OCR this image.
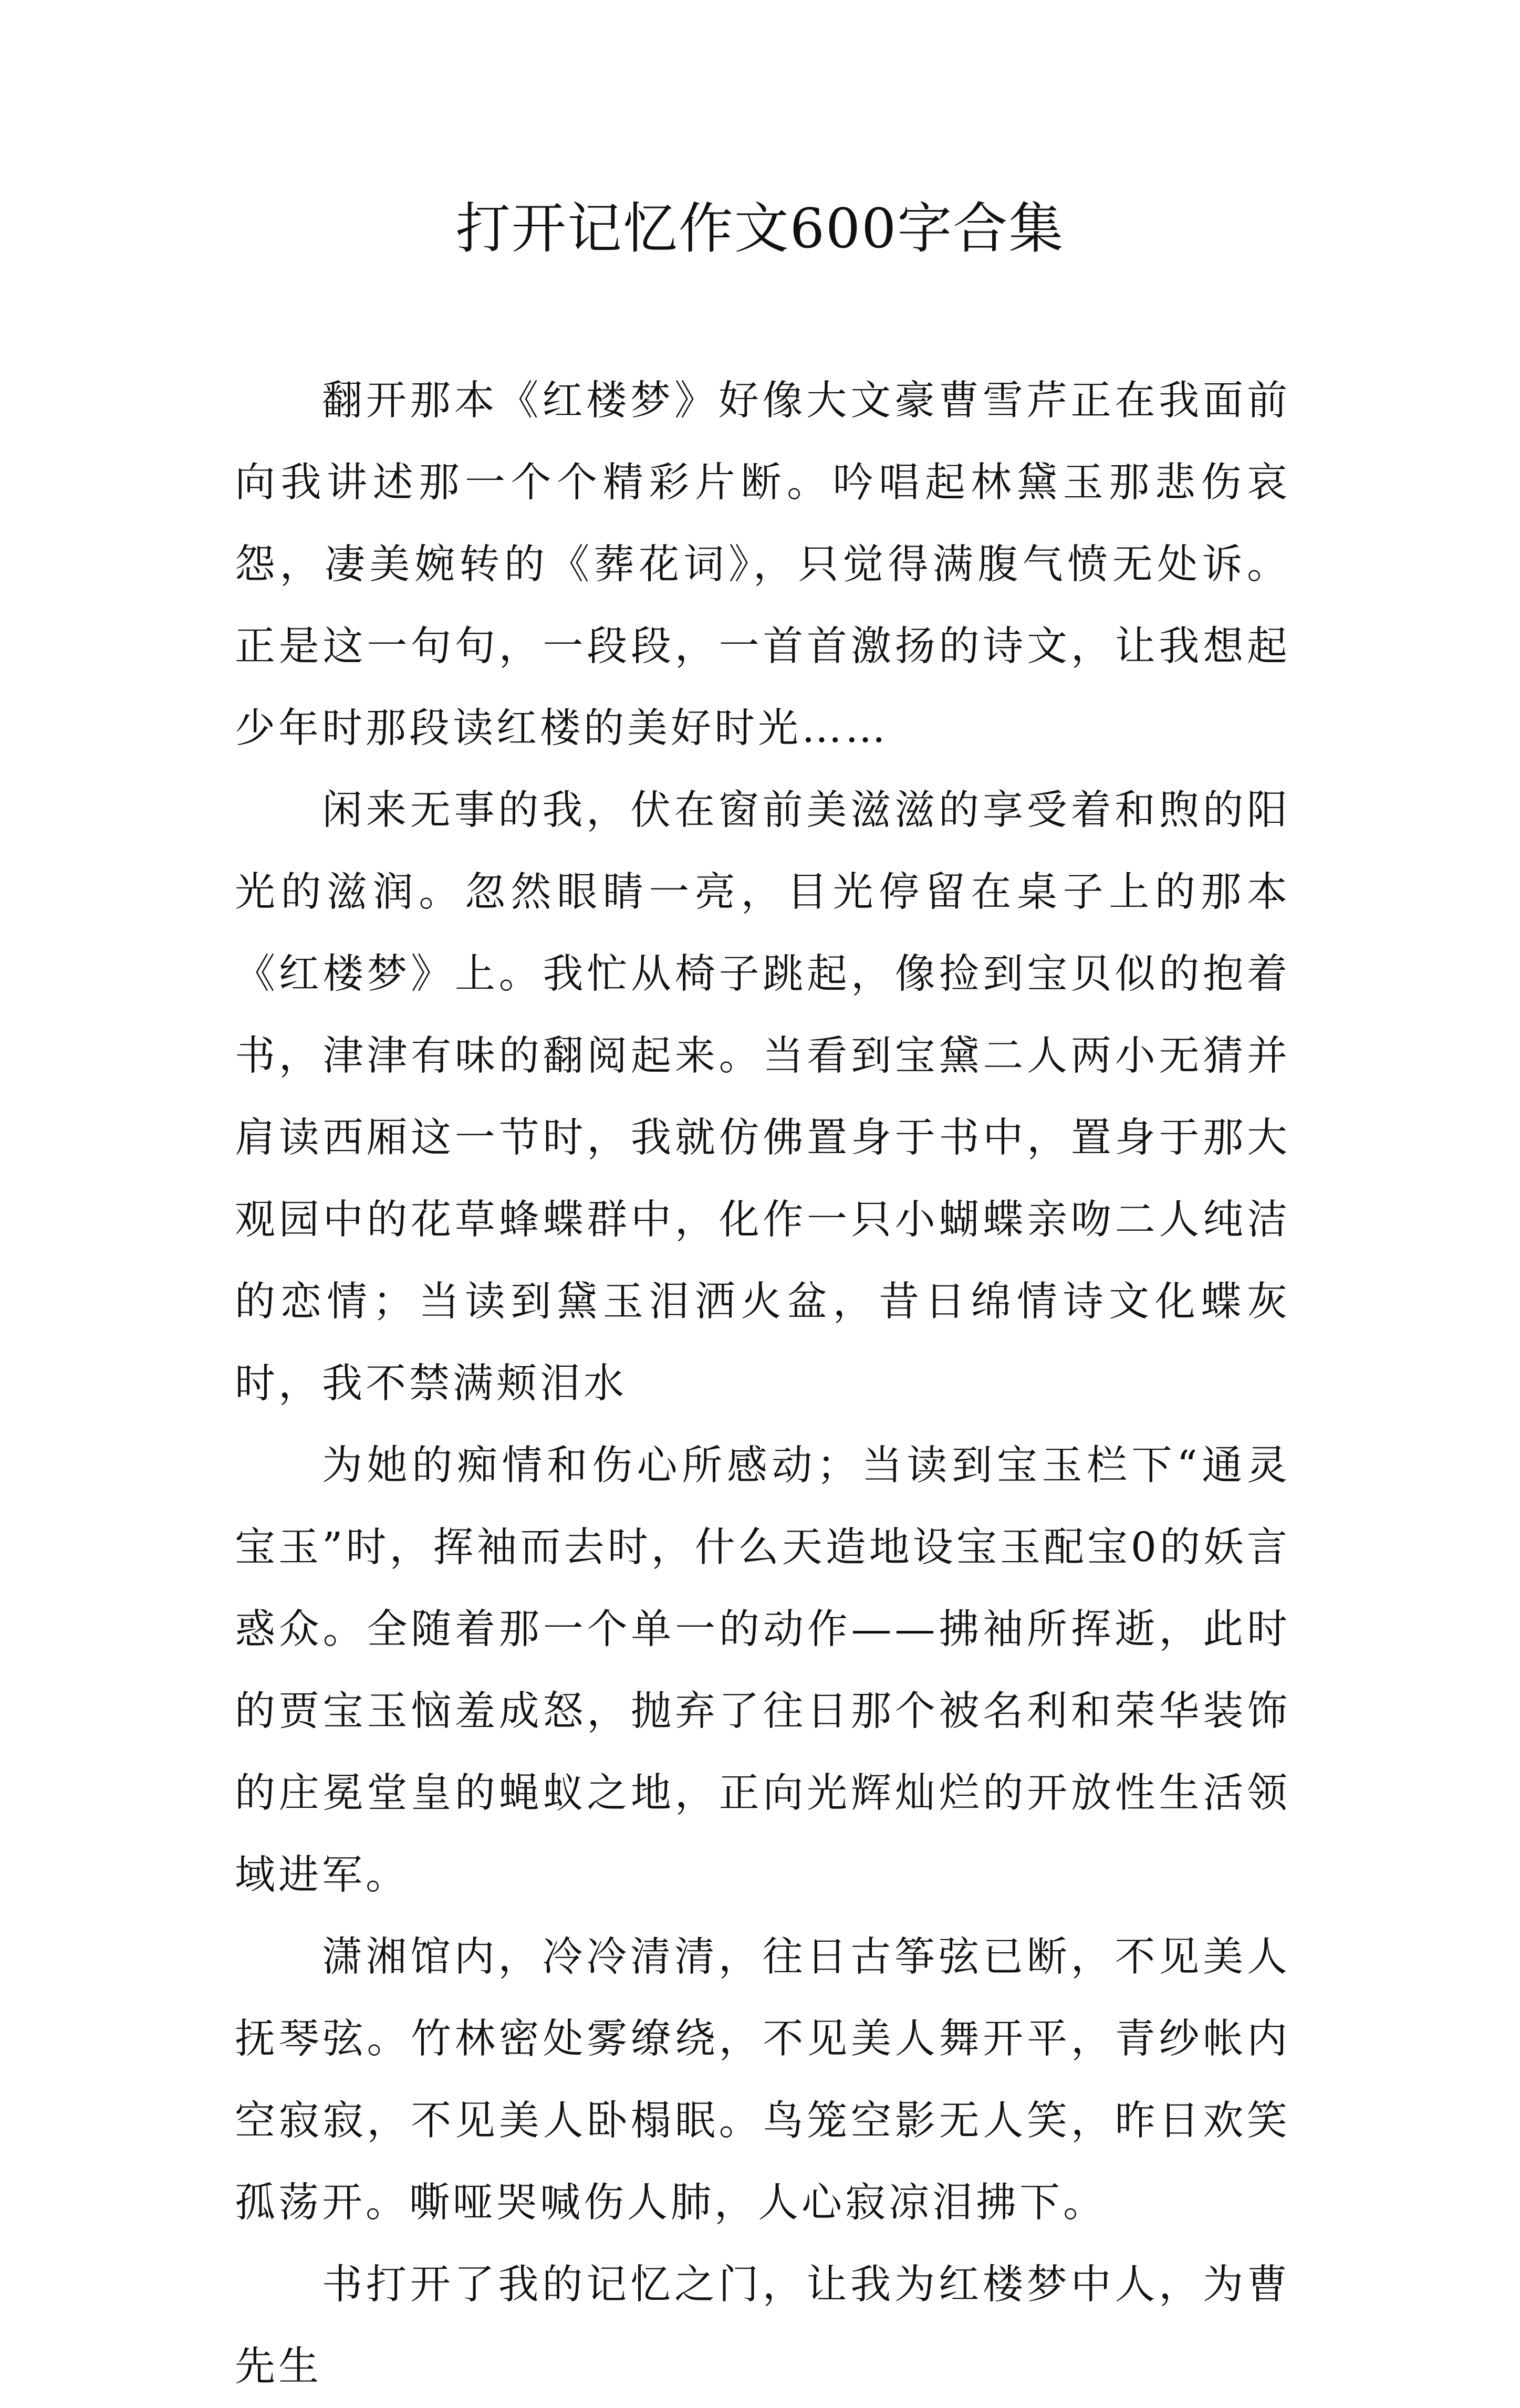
打开记忆作文600字合集

翻开那本《红楼梦》好像大文豪曹雪芹正在我面前向我讲述那一个个精彩片断。吟唱起林黛玉那悲伤哀怨，凄美婉转的《葬花词》，只觉得满腹气愤无处诉。正是这一句句，一段段，一首首激扬的诗文，让我想起少年时那段读红楼的美好时光……

闲来无事的我，伏在窗前美滋滋的享受着和煦的阳光的滋润。忽然眼睛一亮，目光停留在桌子上的那本《红楼梦》上。我忙从椅子跳起，像捡到宝贝似的抱着书，津津有味的翻阅起来。当看到宝黛二人两小无猜并肩读西厢这一节时，我就仿佛置身于书中，置身于那大观园中的花草蜂蝶群中，化作一只小蝴蝶亲吻二人纯洁的恋情；当读到黛玉泪洒火盆，昔日绵情诗文化蝶灰时，我不禁满颊泪水

为她的痴情和伤心所感动；当读到宝玉栏下“通灵宝玉”时，挥袖而去时，什么天造地设宝玉配宝0的妖言惑众。全随着那一个单一的动作——拂袖所挥逝，此时的贾宝玉恼羞成怒，抛弃了往日那个被名利和荣华装饰的庄冕堂皇的蝇蚁之地，正向光辉灿烂的开放性生活领域进军。

潇湘馆内，冷冷清清，往日古筝弦已断，不见美人抚琴弦。竹林密处雾缭绕，不见美人舞开平，青纱帐内空寂寂，不见美人卧榻眠。鸟笼空影无人笑，昨日欢笑孤荡开。嘶哑哭喊伤人肺，人心寂凉泪拂下。

书打开了我的记忆之门，让我为红楼梦中人，为曹先生
